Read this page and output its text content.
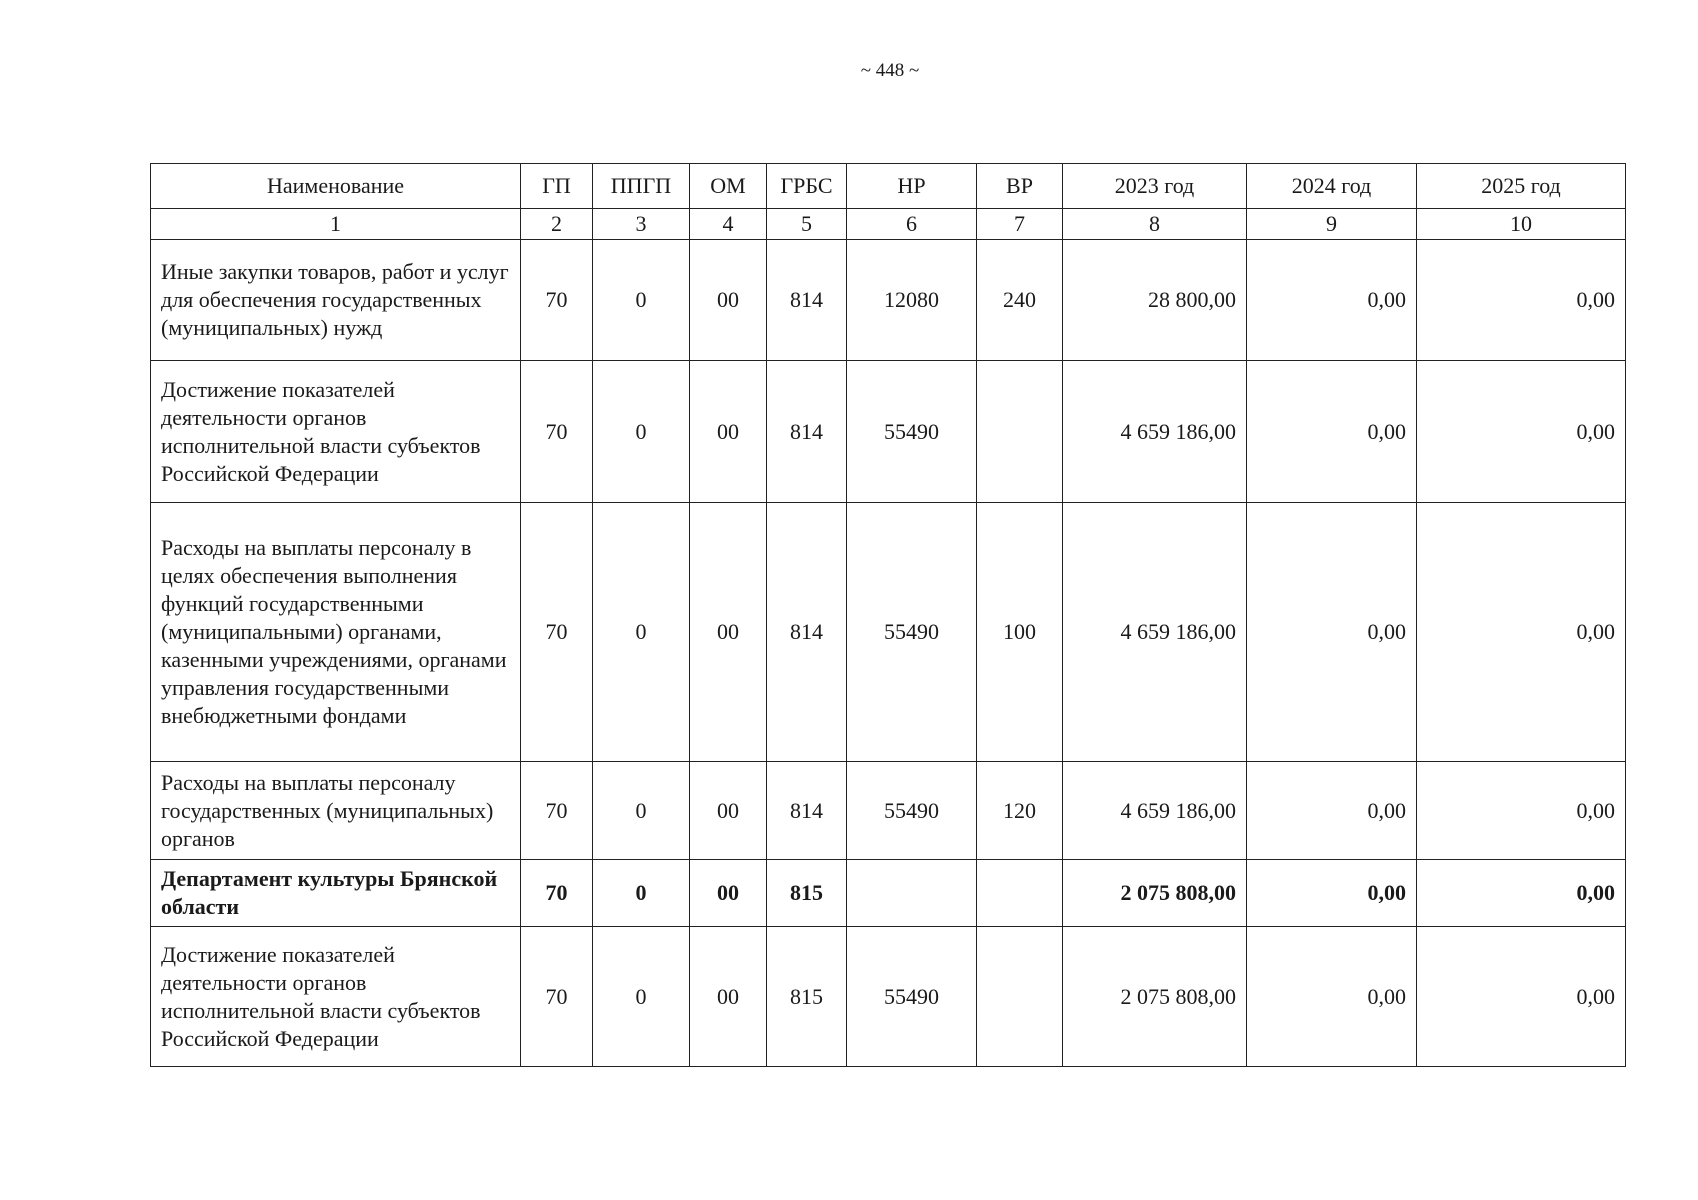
~ 448 ~
Наименование	ГП	ППГП	ОМ	ГРБС	НР	ВР	2023 год	2024 год	2025 год
1	2	3	4	5	6	7	8	9	10
Иные закупки товаров, работ и услуг для обеспечения государственных (муниципальных) нужд	70	0	00	814	12080	240	28 800,00	0,00	0,00
Достижение показателей деятельности органов исполнительной власти субъектов Российской Федерации	70	0	00	814	55490		4 659 186,00	0,00	0,00
Расходы на выплаты персоналу в целях обеспечения выполнения функций государственными (муниципальными) органами, казенными учреждениями, органами управления государственными внебюджетными фондами	70	0	00	814	55490	100	4 659 186,00	0,00	0,00
Расходы на выплаты персоналу государственных (муниципальных) органов	70	0	00	814	55490	120	4 659 186,00	0,00	0,00
Департамент культуры Брянской области	70	0	00	815			2 075 808,00	0,00	0,00
Достижение показателей деятельности органов исполнительной власти субъектов Российской Федерации	70	0	00	815	55490		2 075 808,00	0,00	0,00
